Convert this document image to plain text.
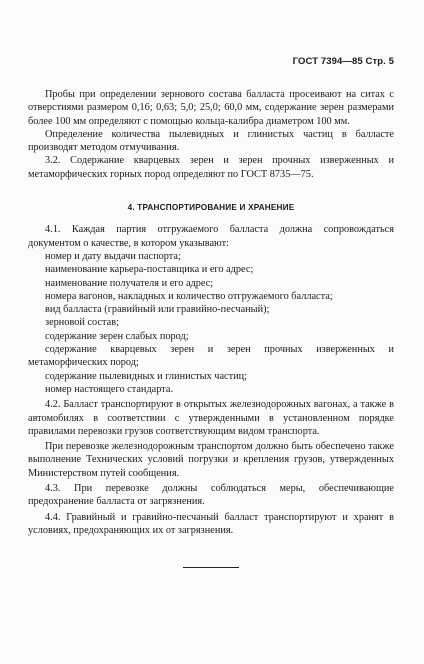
ГОСТ 7394—85 Стр. 5

Пробы при определении зернового состава балласта просеивают на ситах с отверстиями размером 0,16; 0,63; 5,0; 25,0; 60,0 мм, содержание зерен размерами более 100 мм определяют с помощью кольца-калибра диаметром 100 мм.

Определение количества пылевидных и глинистых частиц в балласте производят методом отмучивания.

3.2. Содержание кварцевых зерен и зерен прочных изверженных и метаморфических горных пород определяют по ГОСТ 8735—75.

4. ТРАНСПОРТИРОВАНИЕ И ХРАНЕНИЕ

4.1. Каждая партия отгружаемого балласта должна сопровождаться документом о качестве, в котором указывают:

номер и дату выдачи паспорта;

наименование карьера-поставщика и его адрес;

наименование получателя и его адрес;

номера вагонов, накладных и количество отгружаемого балласта;

вид балласта (гравийный или гравийно-песчаный);

зерновой состав;

содержание зерен слабых пород;

содержание кварцевых зерен и зерен прочных изверженных и метаморфических пород;

содержание пылевидных и глинистых частиц;

номер настоящего стандарта.

4.2. Балласт транспортируют в открытых железнодорожных вагонах, а также в автомобилях в соответствии с утвержденными в установленном порядке правилами перевозки грузов соответствующим видом транспорта.

При перевозке железнодорожным транспортом должно быть обеспечено также выполнение Технических условий погрузки и крепления грузов, утвержденных Министерством путей сообщения.

4.3. При перевозке должны соблюдаться меры, обеспечивающие предохранение балласта от загрязнения.

4.4. Гравийный и гравийно-песчаный балласт транспортируют и хранят в условиях, предохраняющих их от загрязнения.
